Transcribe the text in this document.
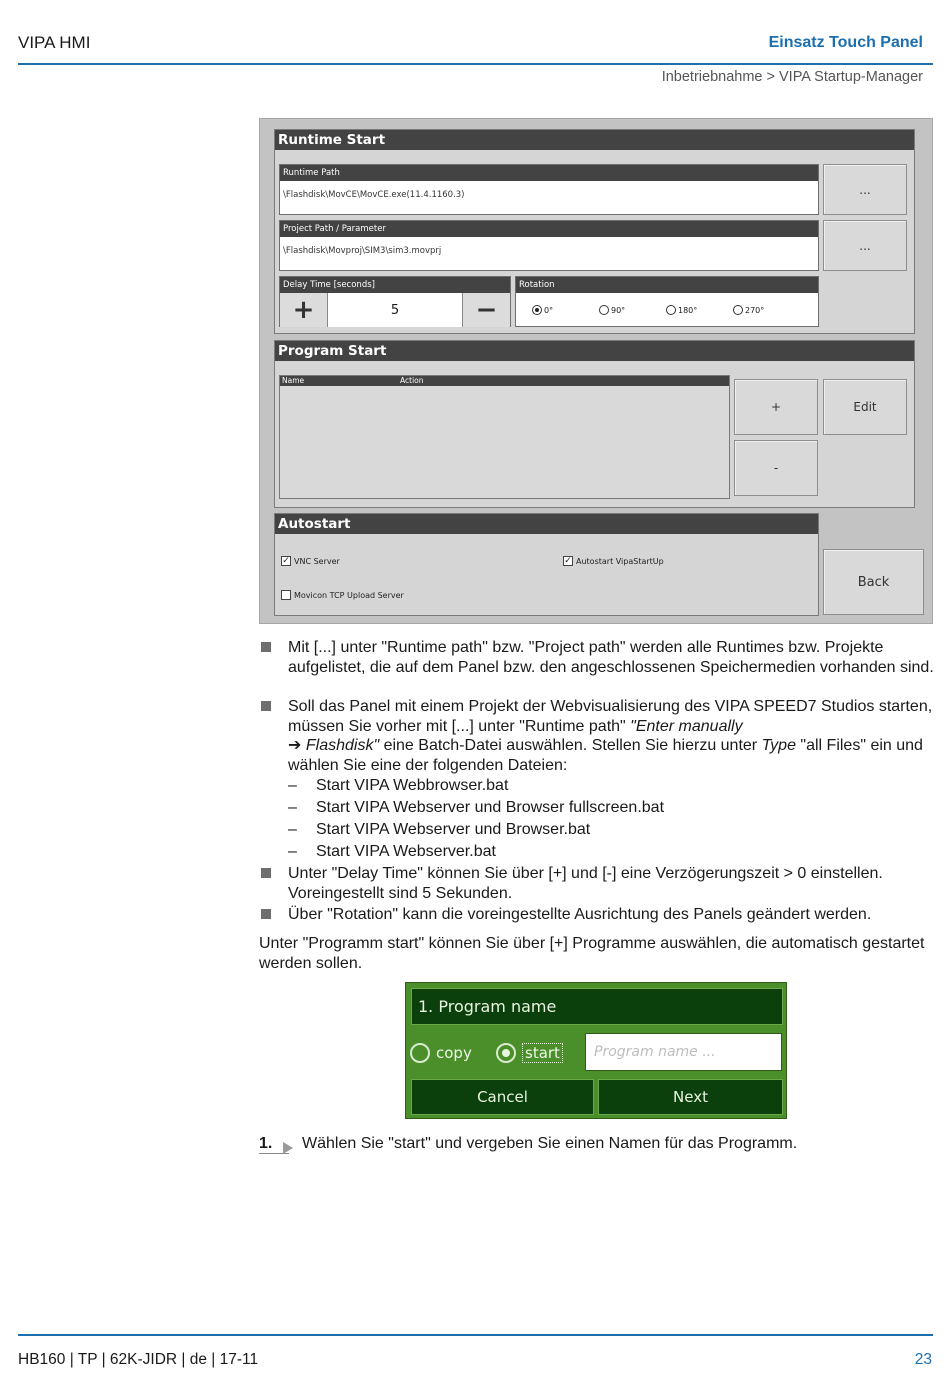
VIPA HMI	Einsatz Touch Panel
Inbetriebnahme > VIPA Startup-Manager
Runtime Start
Runtime Path
\Flashdisk\MovCE\MovCE.exe(11.4.1160.3)	...
Project Path / Parameter
\Flashdisk\Movproj\SIM3\sim3.movprj	...
Delay Time [seconds]
+	5	−
Rotation
0°	90°	180°	270°
Program Start
Name	Action
+
-
Edit
Autostart
✓ VNC Server	✓ Autostart VipaStartUp
Movicon TCP Upload Server
Back
Mit [...] unter "Runtime path" bzw. "Project path" werden alle Runtimes bzw. Projekte aufgelistet, die auf dem Panel bzw. den angeschlossenen Speichermedien vorhanden sind.
Soll das Panel mit einem Projekt der Webvisualisierung des VIPA SPEED7 Studios starten, müssen Sie vorher mit [...] unter "Runtime path" "Enter manually
➔ Flashdisk" eine Batch-Datei auswählen. Stellen Sie hierzu unter Type "all Files" ein und wählen Sie eine der folgenden Dateien:
– Start VIPA Webbrowser.bat
– Start VIPA Webserver und Browser fullscreen.bat
– Start VIPA Webserver und Browser.bat
– Start VIPA Webserver.bat
Unter "Delay Time" können Sie über [+] und [-] eine Verzögerungszeit > 0 einstellen. Voreingestellt sind 5 Sekunden.
Über "Rotation" kann die voreingestellte Ausrichtung des Panels geändert werden.
Unter "Programm start" können Sie über [+] Programme auswählen, die automatisch gestartet werden sollen.
1. Program name
copy	start	Program name ...
Cancel	Next
1. Wählen Sie "start" und vergeben Sie einen Namen für das Programm.
HB160 | TP | 62K-JIDR | de | 17-11	23
